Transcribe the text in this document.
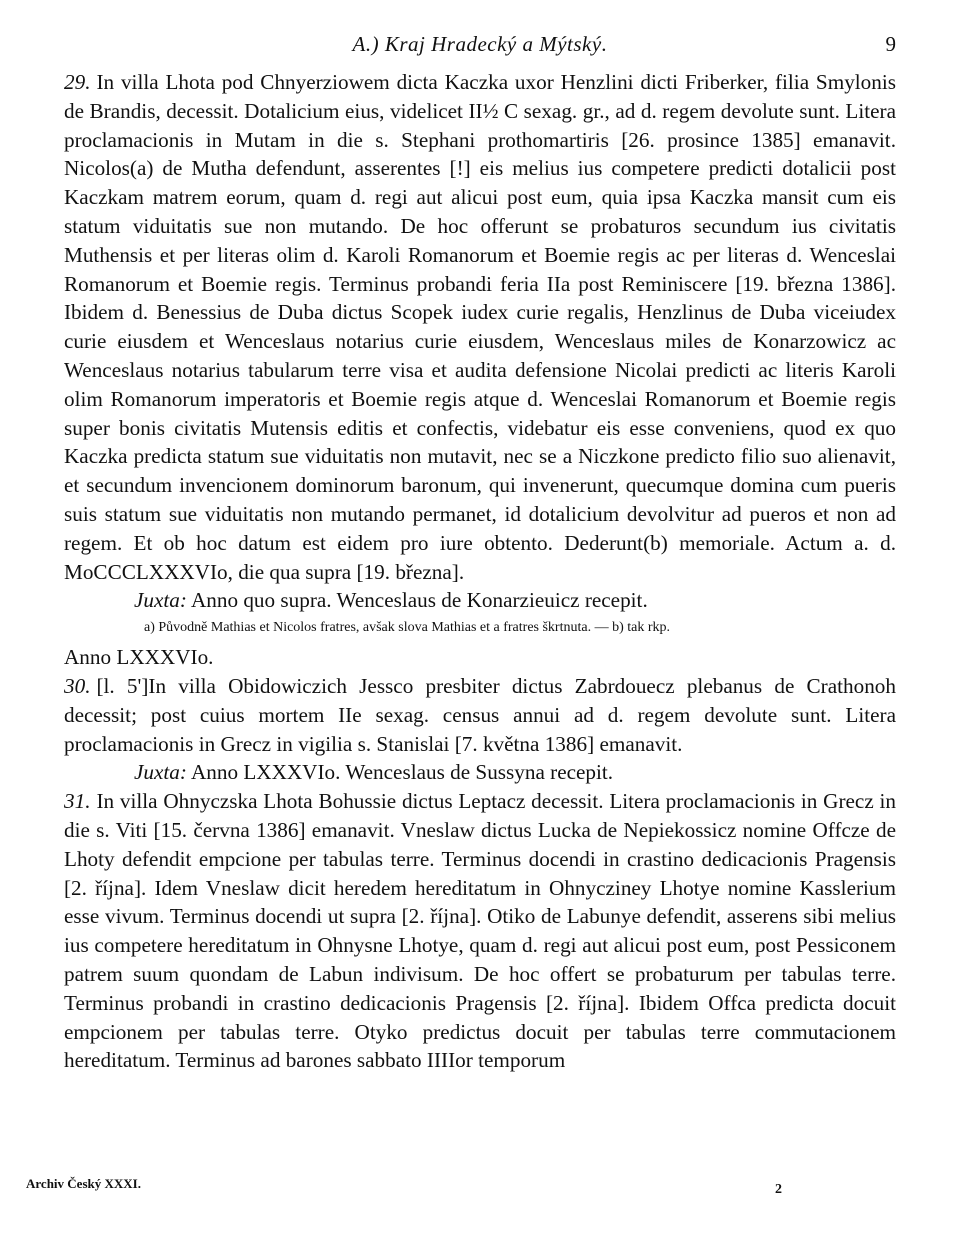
A.) Kraj Hradecký a Mýtský.	9

29. In villa Lhota pod Chnyerziowem dicta Kaczka uxor Henzlini dicti Friberker, filia Smylonis de Brandis, decessit. Dotalicium eius, videlicet II½ C sexag. gr., ad d. regem devolute sunt. Litera proclamacionis in Mutam in die s. Stephani prothomartiris [26. prosince 1385] emanavit. Nicolos(a) de Mutha defendunt, asserentes [!] eis melius ius competere predicti dotalicii post Kaczkam matrem eorum, quam d. regi aut alicui post eum, quia ipsa Kaczka mansit cum eis statum viduitatis sue non mutando. De hoc offerunt se probaturos secundum ius civitatis Muthensis et per literas olim d. Karoli Romanorum et Boemie regis ac per literas d. Wenceslai Romanorum et Boemie regis. Terminus probandi feria IIa post Reminiscere [19. března 1386]. Ibidem d. Benessius de Duba dictus Scopek iudex curie regalis, Henzlinus de Duba viceiudex curie eiusdem et Wenceslaus notarius curie eiusdem, Wenceslaus miles de Konarzowicz ac Wenceslaus notarius tabularum terre visa et audita defensione Nicolai predicti ac literis Karoli olim Romanorum imperatoris et Boemie regis atque d. Wenceslai Romanorum et Boemie regis super bonis civitatis Mutensis editis et confectis, videbatur eis esse conveniens, quod ex quo Kaczka predicta statum sue viduitatis non mutavit, nec se a Niczkone predicto filio suo alienavit, et secundum invencionem dominorum baronum, qui invenerunt, quecumque domina cum pueris suis statum sue viduitatis non mutando permanet, id dotalicium devolvitur ad pueros et non ad regem. Et ob hoc datum est eidem pro iure obtento. Dederunt(b) memoriale. Actum a. d. MoCCCLXXXVIo, die qua supra [19. března].

Juxta: Anno quo supra. Wenceslaus de Konarzieuicz recepit.

a) Původně Mathias et Nicolos fratres, avšak slova Mathias et a fratres škrtnuta. — b) tak rkp.

Anno LXXXVIo.

30. [l. 5']In villa Obidowiczich Jessco presbiter dictus Zabrdouecz plebanus de Crathonoh decessit; post cuius mortem IIe sexag. census annui ad d. regem devolute sunt. Litera proclamacionis in Grecz in vigilia s. Stanislai [7. května 1386] emanavit.

Juxta: Anno LXXXVIo. Wenceslaus de Sussyna recepit.

31. In villa Ohnyczska Lhota Bohussie dictus Leptacz decessit. Litera proclamacionis in Grecz in die s. Viti [15. června 1386] emanavit. Vneslaw dictus Lucka de Nepiekossicz nomine Offcze de Lhoty defendit empcione per tabulas terre. Terminus docendi in crastino dedicacionis Pragensis [2. října]. Idem Vneslaw dicit heredem hereditatum in Ohnycziney Lhotye nomine Kasslerium esse vivum. Terminus docendi ut supra [2. října]. Otiko de Labunye defendit, asserens sibi melius ius competere hereditatum in Ohnysne Lhotye, quam d. regi aut alicui post eum, post Pessiconem patrem suum quondam de Labun indivisum. De hoc offert se probaturum per tabulas terre. Terminus probandi in crastino dedicacionis Pragensis [2. října]. Ibidem Offca predicta docuit empcionem per tabulas terre. Otyko predictus docuit per tabulas terre commutacionem hereditatum. Terminus ad barones sabbato IIIIor temporum

Archiv Český XXXI.	2
